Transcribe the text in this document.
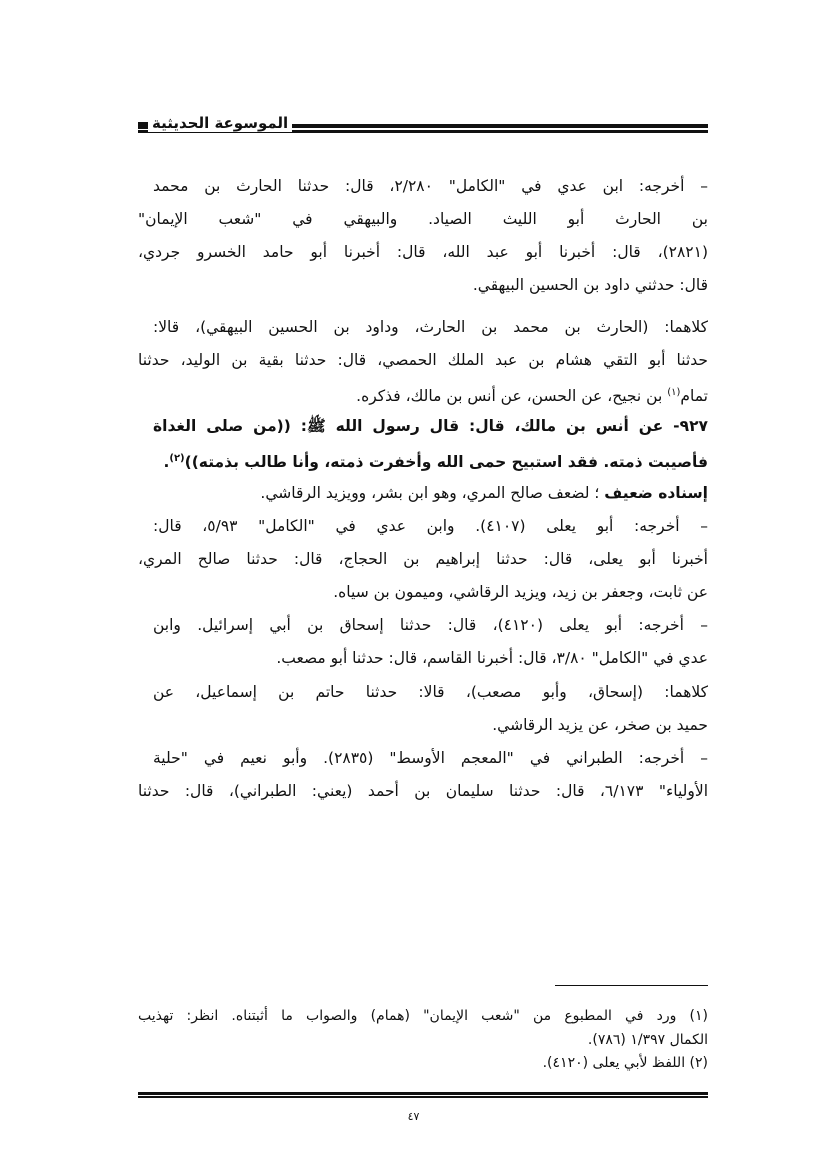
الموسوعة الحديثية
– أخرجه: ابن عدي في "الكامل" ٢/٢٨٠، قال: حدثنا الحارث بن محمد
بن الحارث أبو الليث الصياد. والبيهقي في "شعب الإيمان"
(٢٨٢١)، قال: أخبرنا أبو عبد الله، قال: أخبرنا أبو حامد الخسرو جردي،
قال: حدثني داود بن الحسين البيهقي.
كلاهما: (الحارث بن محمد بن الحارث، وداود بن الحسين البيهقي)، قالا:
حدثنا أبو التقي هشام بن عبد الملك الحمصي، قال: حدثنا بقية بن الوليد، حدثنا
تمام$^{(١)}$ بن نجيح، عن الحسن، عن أنس بن مالك، فذكره.
٩٢٧- عن أنس بن مالك، قال: قال رسول الله ﷺ: ((من صلى الغداة
فأصيبت ذمته. فقد استبيح حمى الله وأخفرت ذمته، وأنا طالب بذمته))$^{(٢)}$.
إسناده ضعيف ؛ لضعف صالح المري، وهو ابن بشر، وويزيد الرقاشي.
– أخرجه: أبو يعلى (٤١٠٧). وابن عدي في "الكامل" ٥/٩٣، قال:
أخبرنا أبو يعلى، قال: حدثنا إبراهيم بن الحجاج، قال: حدثنا صالح المري،
عن ثابت، وجعفر بن زيد، ويزيد الرقاشي، وميمون بن سياه.
– أخرجه: أبو يعلى (٤١٢٠)، قال: حدثنا إسحاق بن أبي إسرائيل. وابن
عدي في "الكامل" ٣/٨٠، قال: أخبرنا القاسم، قال: حدثنا أبو مصعب.
كلاهما: (إسحاق، وأبو مصعب)، قالا: حدثنا حاتم بن إسماعيل، عن
حميد بن صخر، عن يزيد الرقاشي.
– أخرجه: الطبراني في "المعجم الأوسط" (٢٨٣٥). وأبو نعيم في "حلية
الأولياء" ٦/١٧٣، قال: حدثنا سليمان بن أحمد (يعني: الطبراني)، قال: حدثنا
(١) ورد في المطبوع من "شعب الإيمان" (همام) والصواب ما أثبتناه. انظر: تهذيب
الكمال ١/٣٩٧ (٧٨٦).
(٢) اللفظ لأبي يعلى (٤١٢٠).
٤٧
